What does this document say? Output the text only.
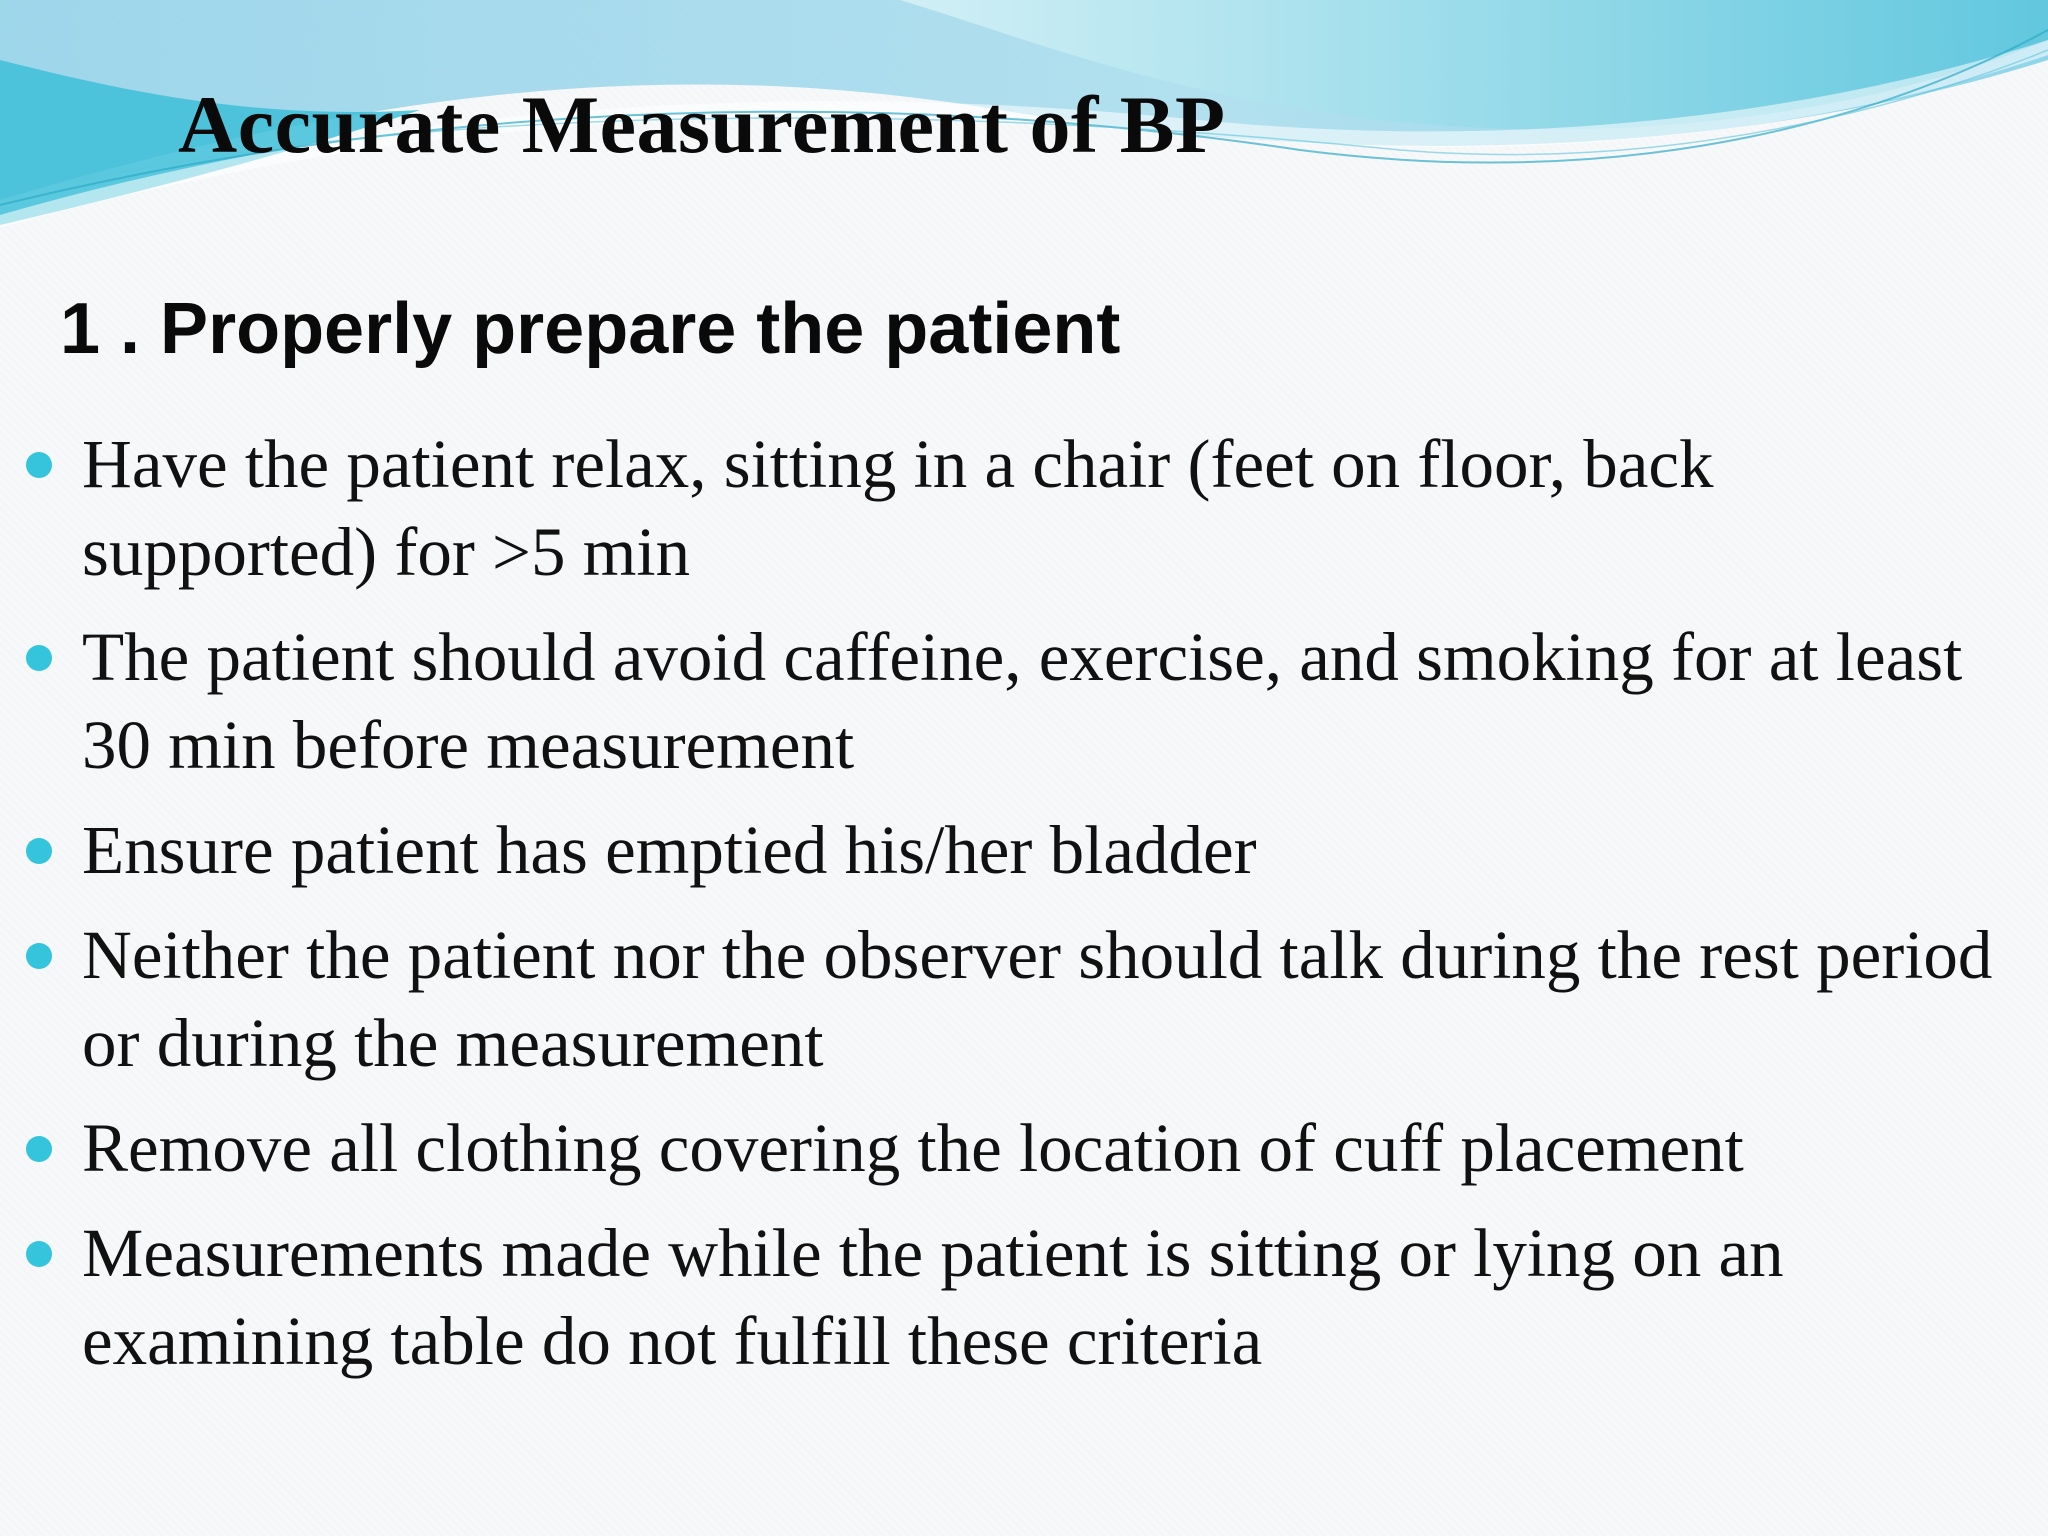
Accurate Measurement of BP
1 . Properly prepare the patient
Have the patient relax, sitting in a chair (feet on floor, back supported) for >5 min
The patient should avoid caffeine, exercise, and smoking for at least 30 min before measurement
Ensure patient has emptied his/her bladder
Neither the patient nor the observer should talk during the rest period or during the measurement
Remove all clothing covering the location of cuff placement
Measurements made while the patient is sitting or lying on an examining table do not fulfill these criteria
